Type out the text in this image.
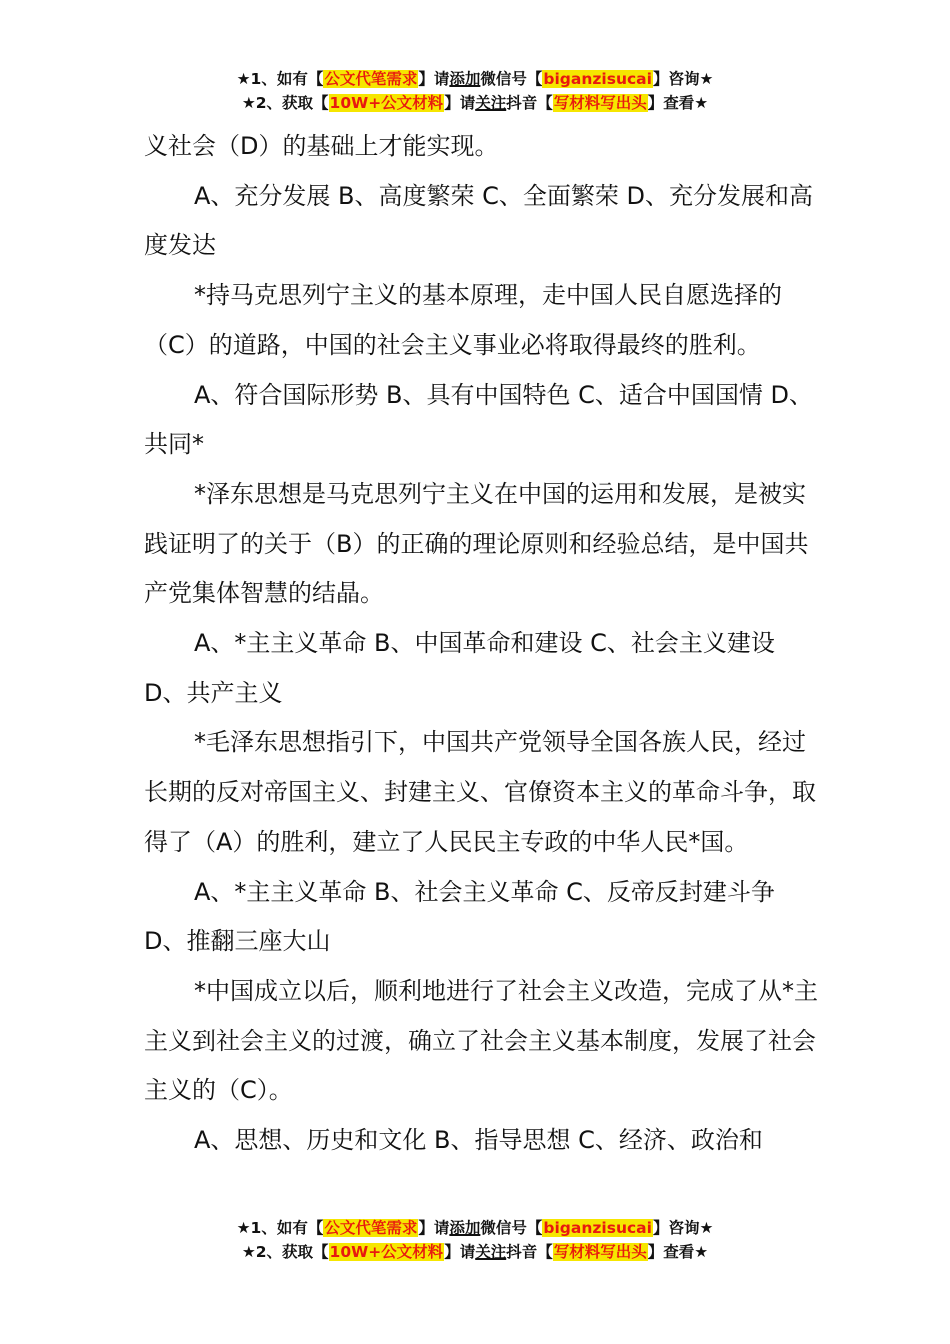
★1、如有【公文代笔需求】请添加微信号【biganzisucai】咨询★
★2、获取【10W+公文材料】请关注抖音【写材料写出头】查看★

义社会（D）的基础上才能实现。

A、充分发展 B、高度繁荣 C、全面繁荣 D、充分发展和高度发达

*持马克思列宁主义的基本原理，走中国人民自愿选择的（C）的道路，中国的社会主义事业必将取得最终的胜利。

A、符合国际形势 B、具有中国特色 C、适合中国国情 D、共同*

*泽东思想是马克思列宁主义在中国的运用和发展，是被实践证明了的关于（B）的正确的理论原则和经验总结，是中国共产党集体智慧的结晶。

A、*主主义革命 B、中国革命和建设 C、社会主义建设 D、共产主义

*毛泽东思想指引下，中国共产党领导全国各族人民，经过长期的反对帝国主义、封建主义、官僚资本主义的革命斗争，取得了（A）的胜利，建立了人民民主专政的中华人民*国。

A、*主主义革命 B、社会主义革命 C、反帝反封建斗争 D、推翻三座大山

*中国成立以后，顺利地进行了社会主义改造，完成了从*主主义到社会主义的过渡，确立了社会主义基本制度，发展了社会主义的（C）。

A、思想、历史和文化 B、指导思想 C、经济、政治和

★1、如有【公文代笔需求】请添加微信号【biganzisucai】咨询★
★2、获取【10W+公文材料】请关注抖音【写材料写出头】查看★
